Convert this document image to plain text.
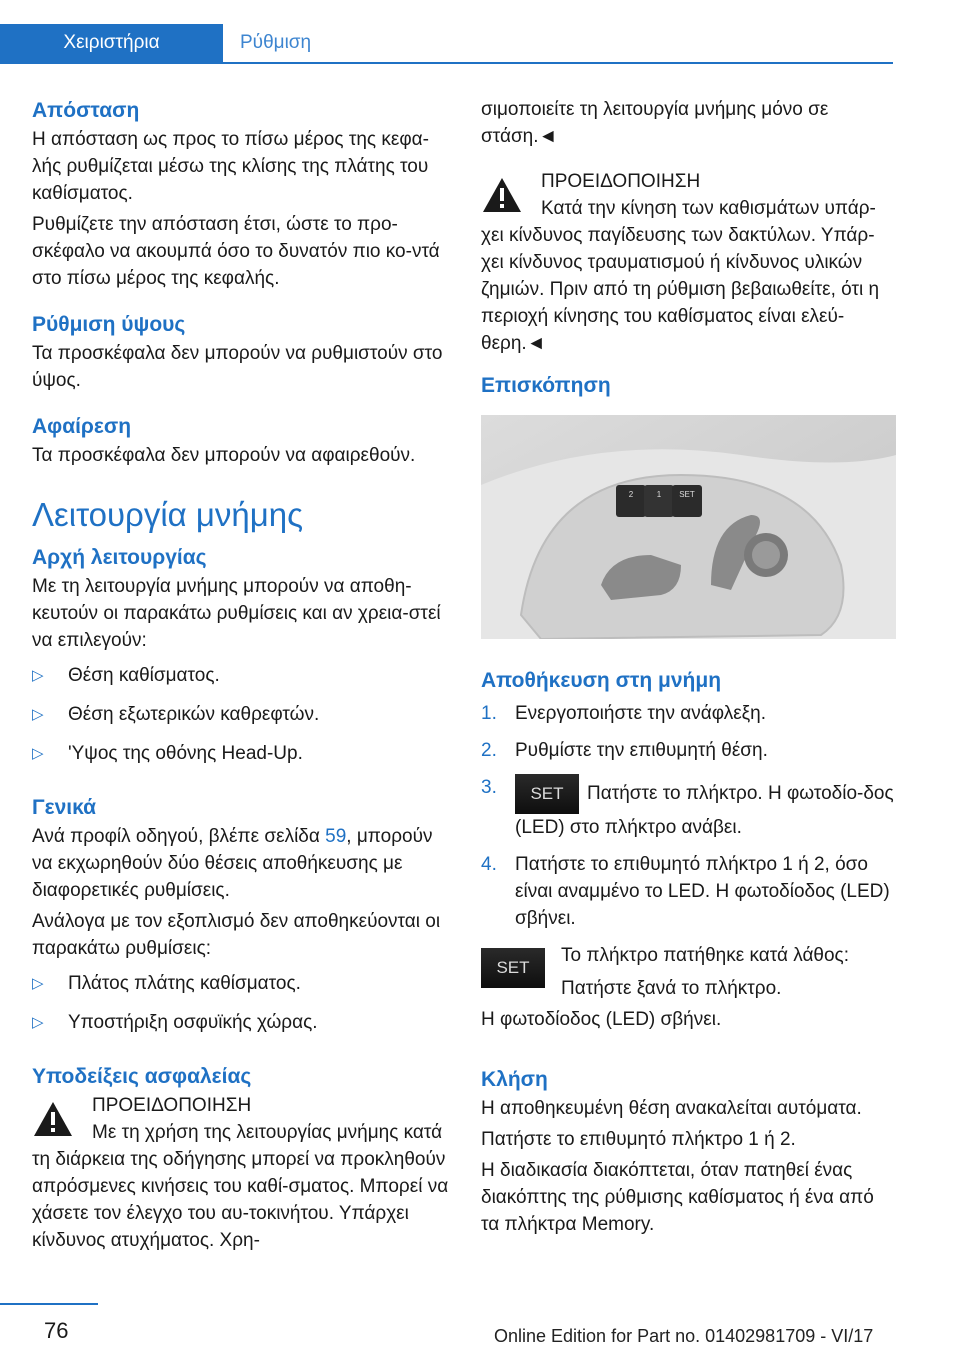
Χειριστήρια	Ρύθμιση
Απόσταση
Η απόσταση ως προς το πίσω μέρος της κεφα-λής ρυθμίζεται μέσω της κλίσης της πλάτης του καθίσματος.
Ρυθμίζετε την απόσταση έτσι, ώστε το προ-σκέφαλο να ακουμπά όσο το δυνατόν πιο κο-ντά στο πίσω μέρος της κεφαλής.
Ρύθμιση ύψους
Τα προσκέφαλα δεν μπορούν να ρυθμιστούν στο ύψος.
Αφαίρεση
Τα προσκέφαλα δεν μπορούν να αφαιρεθούν.
Λειτουργία μνήμης
Αρχή λειτουργίας
Με τη λειτουργία μνήμης μπορούν να αποθη-κευτούν οι παρακάτω ρυθμίσεις και αν χρεια-στεί να επιλεγούν:
▷ Θέση καθίσματος.
▷ Θέση εξωτερικών καθρεφτών.
▷ 'Υψος της οθόνης Head-Up.
Γενικά
Ανά προφίλ οδηγού, βλέπε σελίδα 59, μπορούν να εκχωρηθούν δύο θέσεις αποθήκευσης με διαφορετικές ρυθμίσεις.
Ανάλογα με τον εξοπλισμό δεν αποθηκεύονται οι παρακάτω ρυθμίσεις:
▷ Πλάτος πλάτης καθίσματος.
▷ Υποστήριξη οσφυϊκής χώρας.
Υποδείξεις ασφαλείας
ΠΡΟΕΙΔΟΠΟΙΗΣΗ
Με τη χρήση της λειτουργίας μνήμης κατά τη διάρκεια της οδήγησης μπορεί να προκληθούν απρόσμενες κινήσεις του καθί-σματος. Μπορεί να χάσετε τον έλεγχο του αυ-τοκινήτου. Υπάρχει κίνδυνος ατυχήματος. Χρη-
σιμοποιείτε τη λειτουργία μνήμης μόνο σε στάση.◄
ΠΡΟΕΙΔΟΠΟΙΗΣΗ
Κατά την κίνηση των καθισμάτων υπάρ-χει κίνδυνος παγίδευσης των δακτύλων. Υπάρ-χει κίνδυνος τραυματισμού ή κίνδυνος υλικών ζημιών. Πριν από τη ρύθμιση βεβαιωθείτε, ότι η περιοχή κίνησης του καθίσματος είναι ελεύ-θερη.◄
Επισκόπηση
2	1 SET
Αποθήκευση στη μνήμη
1. Ενεργοποιήστε την ανάφλεξη.
2. Ρυθμίστε την επιθυμητή θέση.
3. SET Πατήστε το πλήκτρο. Η φωτοδίο-δος (LED) στο πλήκτρο ανάβει.
4. Πατήστε το επιθυμητό πλήκτρο 1 ή 2, όσο είναι αναμμένο το LED. Η φωτοδίοδος (LED) σβήνει.
SET
Το πλήκτρο πατήθηκε κατά λάθος:
Πατήστε ξανά το πλήκτρο.
Η φωτοδίοδος (LED) σβήνει.
Κλήση
Η αποθηκευμένη θέση ανακαλείται αυτόματα.
Πατήστε το επιθυμητό πλήκτρο 1 ή 2.
Η διαδικασία διακόπτεται, όταν πατηθεί ένας διακόπτης της ρύθμισης καθίσματος ή ένα από τα πλήκτρα Memory.
76	Online Edition for Part no. 01402981709 - VI/17
